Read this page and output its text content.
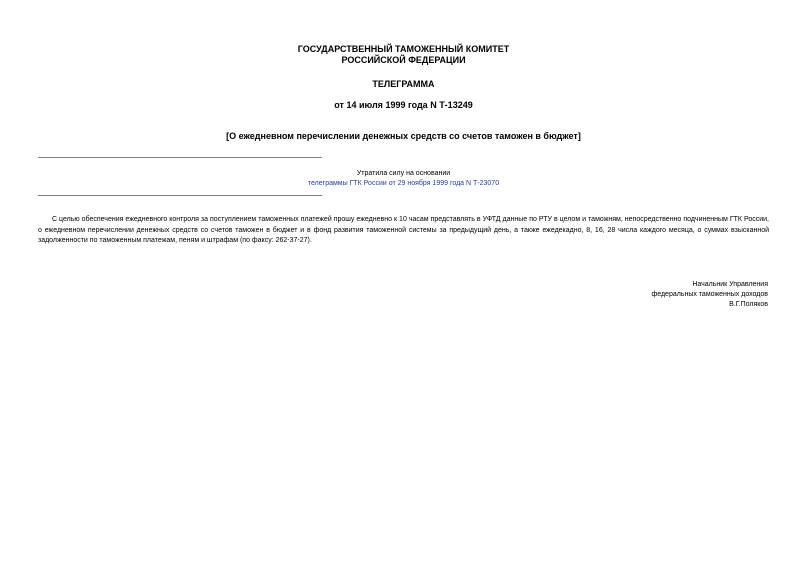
ГОСУДАРСТВЕННЫЙ ТАМОЖЕННЫЙ КОМИТЕТ
РОССИЙСКОЙ ФЕДЕРАЦИИ
ТЕЛЕГРАММА
от 14 июля 1999 года N Т-13249
[О ежедневном перечислении денежных средств со счетов таможен в бюджет]
Утратила силу на основании
телеграммы ГТК России от 29 ноября 1999 года N Т-23070

С целью обеспечения ежедневного контроля за поступлением таможенных платежей прошу ежедневно к 10 часам представлять в УФТД данные по РТУ в целом и таможням, непосредственно подчиненным ГТК России, о ежедневном перечислении денежных средств со счетов таможен в бюджет и в фонд развития таможенной системы за предыдущий день, а также ежедекадно, 8, 16, 28 числа каждого месяца, о суммах взысканной задолженности по таможенным платежам, пеням и штрафам (по факсу: 262-37-27).

Начальник Управления
федеральных таможенных доходов
В.Г.Поляков
